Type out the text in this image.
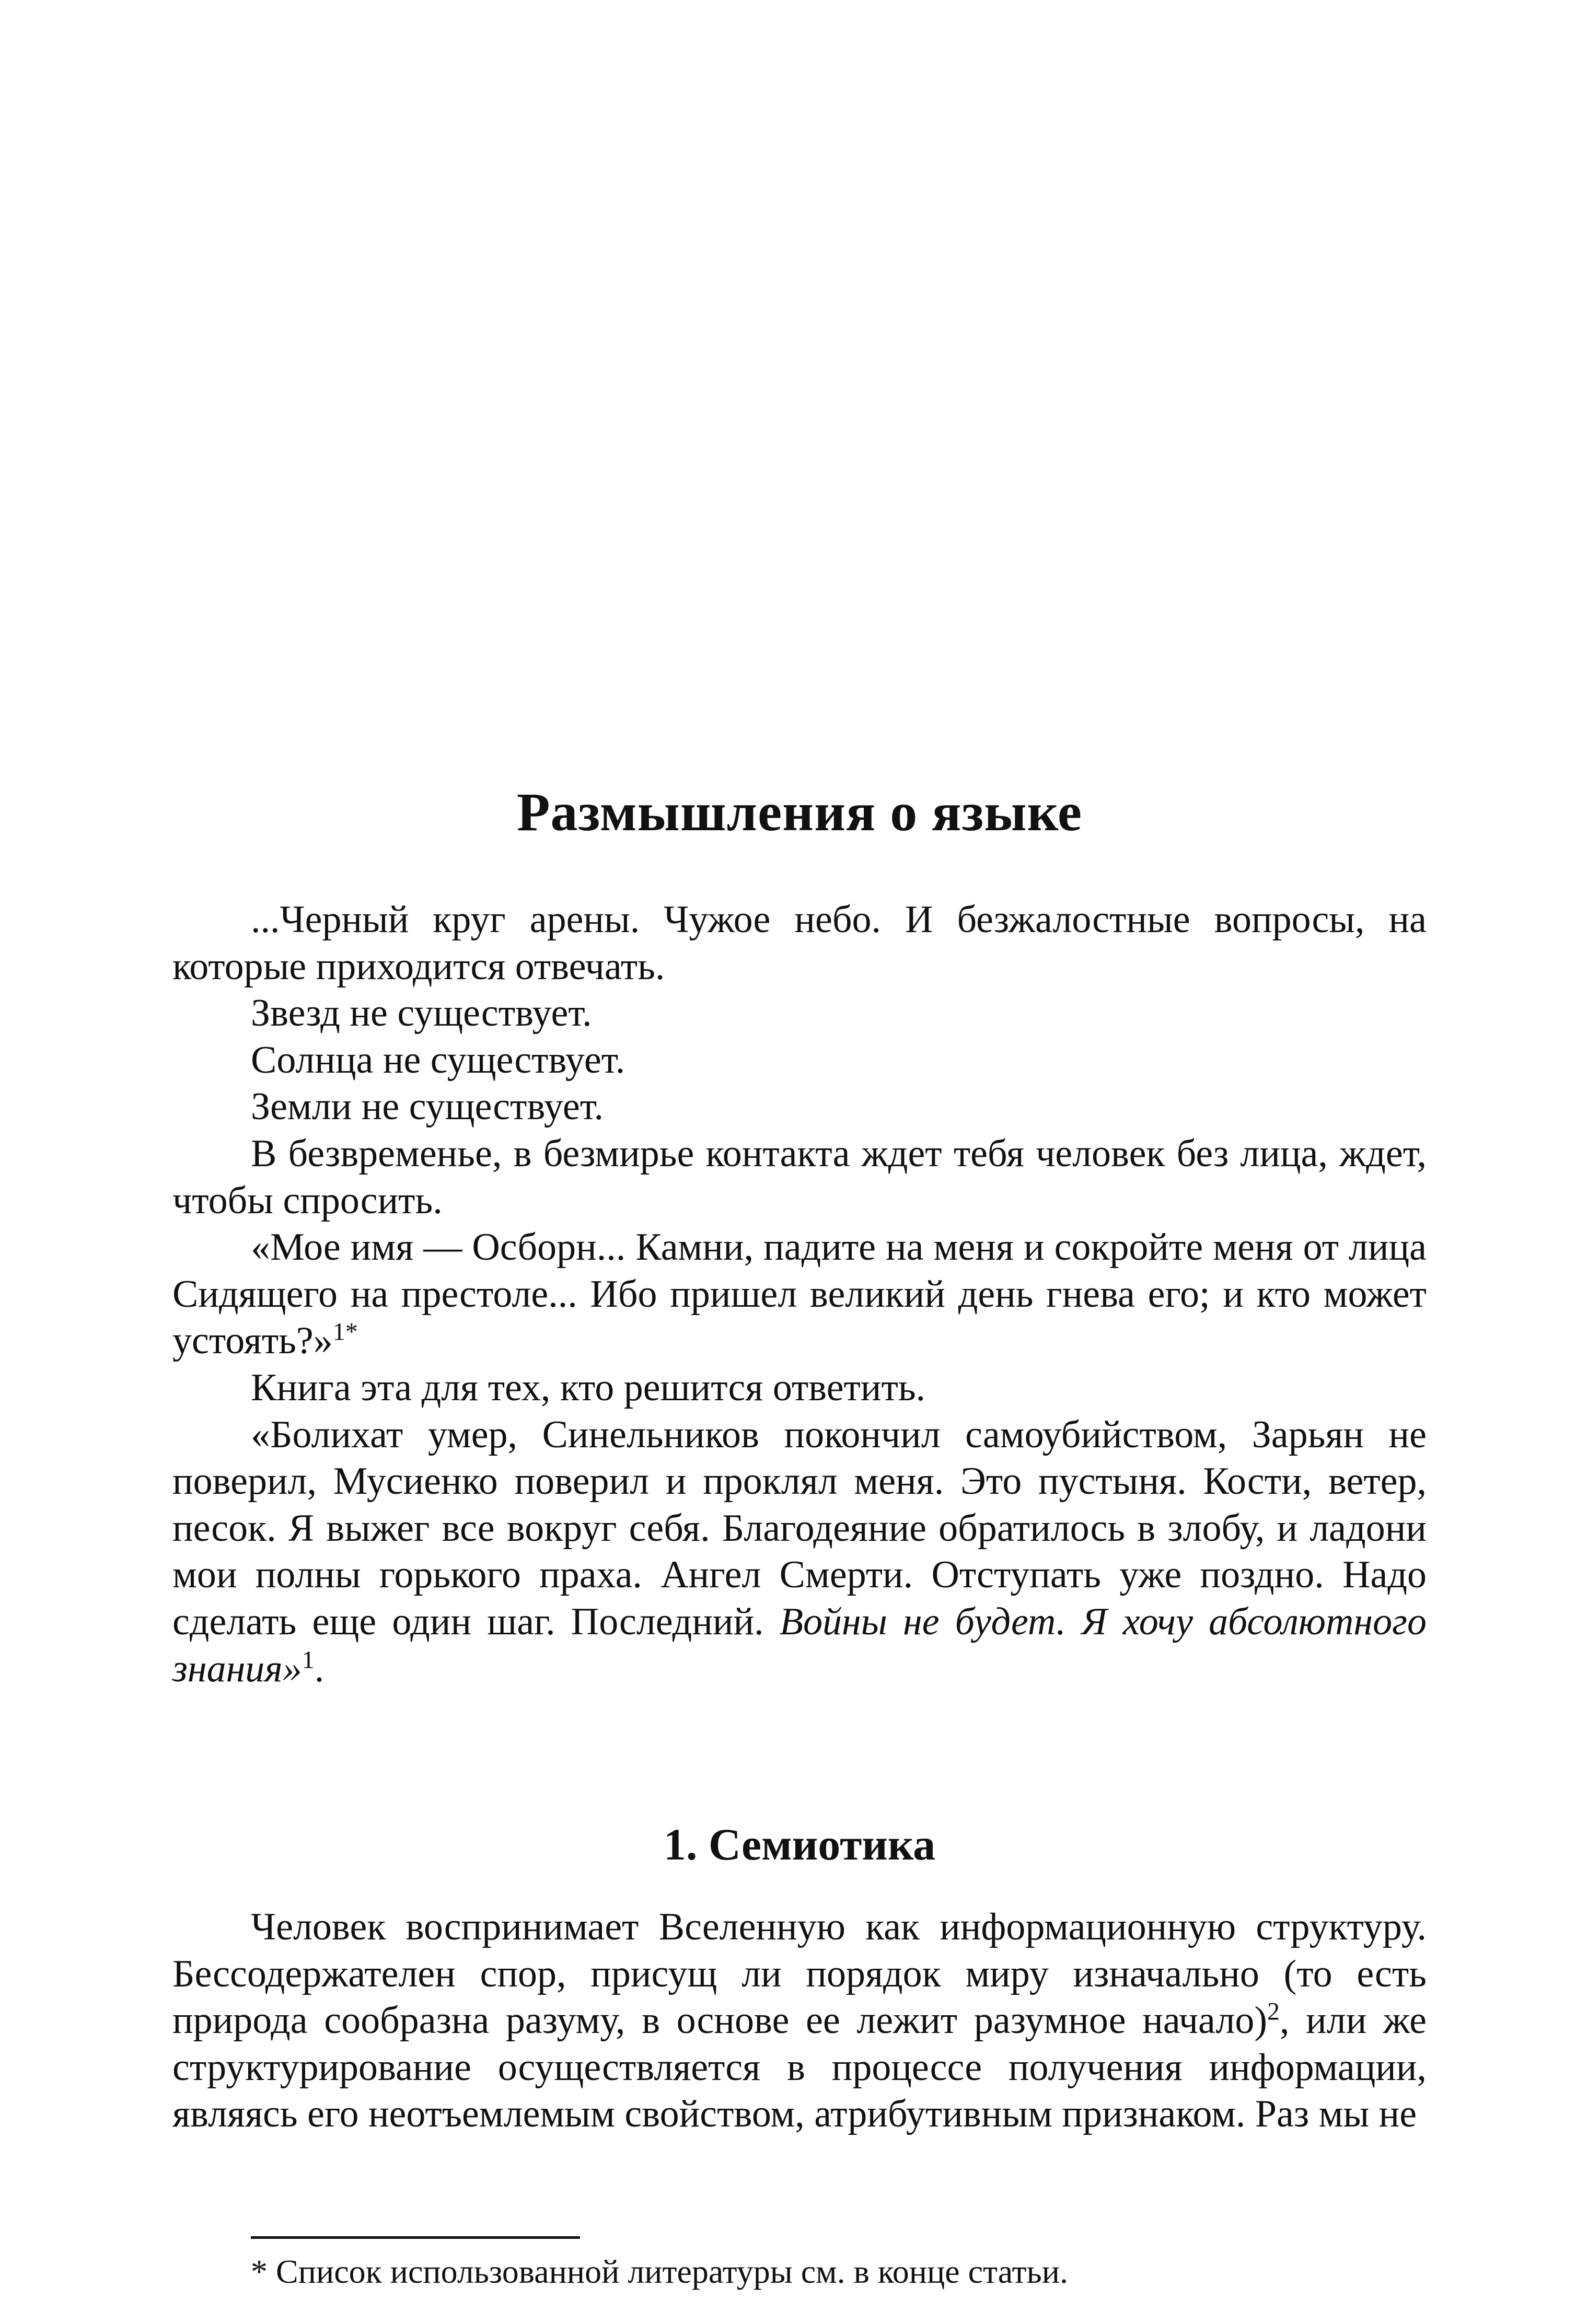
Размышления о языке

...Черный круг арены. Чужое небо. И безжалостные вопросы, на которые приходится отвечать.

Звезд не существует.

Солнца не существует.

Земли не существует.

В безвременье, в безмирье контакта ждет тебя человек без лица, ждет, чтобы спросить.

«Мое имя — Осборн... Камни, падите на меня и сокройте меня от лица Сидящего на престоле... Ибо пришел великий день гнева его; и кто может устоять?»$^{1*}$

Книга эта для тех, кто решится ответить.

«Болихат умер, Синельников покончил самоубийством, Зарьян не поверил, Мусиенко поверил и проклял меня. Это пустыня. Кости, ветер, песок. Я выжег все вокруг себя. Благодеяние обратилось в злобу, и ладони мои полны горького праха. Ангел Смерти. Отступать уже поздно. Надо сделать еще один шаг. Последний. Войны не будет. Я хочу абсолютного знания»$^1$.

1. Семиотика

Человек воспринимает Вселенную как информационную структуру. Бессодержателен спор, присущ ли порядок миру изначально (то есть природа сообразна разуму, в основе ее лежит разумное начало)$^2$, или же структурирование осуществляется в процессе получения информации, являясь его неотъемлемым свойством, атрибутивным признаком. Раз мы не

* Список использованной литературы см. в конце статьи.
